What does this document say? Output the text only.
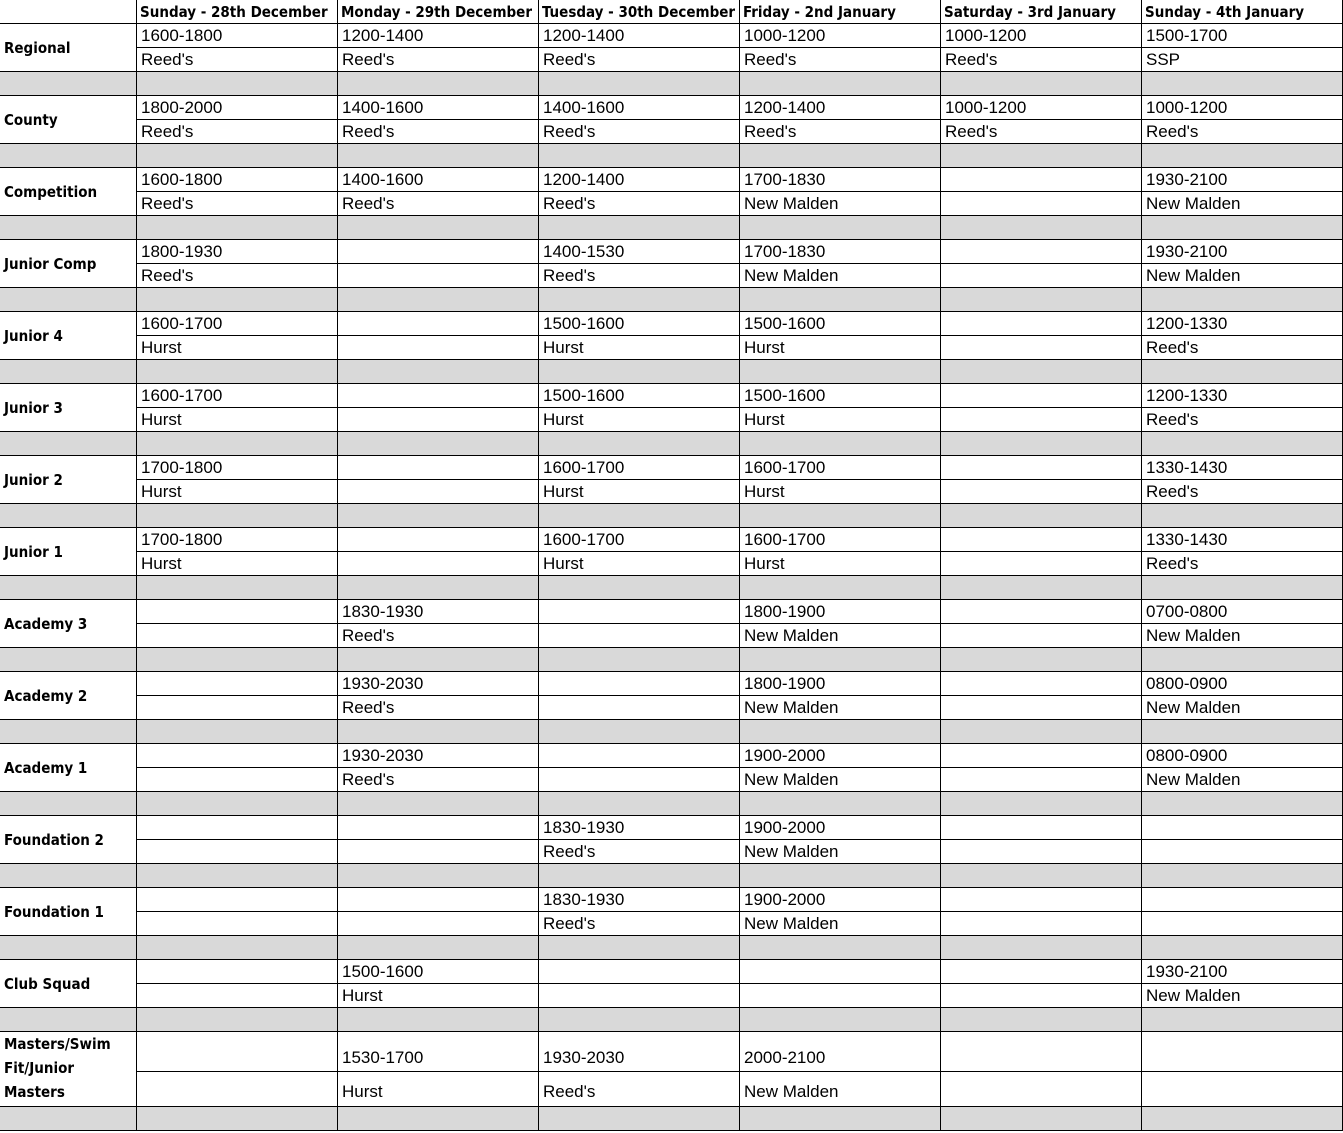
Sunday - 28th December Monday - 29th December Tuesday - 30th December Friday - 2nd January	Saturday - 3rd January	Sunday - 4th January
Regional
1600-1800
Reed's
1200-1400
Reed's
1200-1400
Reed's
1000-1200
Reed's
1000-1200
Reed's
1500-1700
SSP
County
1800-2000
Reed's
1400-1600
Reed's
1400-1600
Reed's
1200-1400
Reed's
1000-1200
Reed's
1000-1200
Reed's
Competition
1600-1800
Reed's
1400-1600
Reed's
1200-1400
Reed's
1700-1830
New Malden
1930-2100
New Malden
Junior Comp
1800-1930
Reed's
1400-1530
Reed's
1700-1830
New Malden
1930-2100
New Malden
Junior 4
1600-1700
Hurst
1500-1600
Hurst
1500-1600
Hurst
1200-1330
Reed's
Junior 3
1600-1700
Hurst
1500-1600
Hurst
1500-1600
Hurst
1200-1330
Reed's
Junior 2
1700-1800
Hurst
1600-1700
Hurst
1600-1700
Hurst
1330-1430
Reed's
Junior 1
1700-1800
Hurst
1600-1700
Hurst
1600-1700
Hurst
1330-1430
Reed's
Academy 3
1830-1930
Reed's
1800-1900
New Malden
0700-0800
New Malden
Academy 2
1930-2030
Reed's
1800-1900
New Malden
0800-0900
New Malden
Academy 1
1930-2030
Reed's
1900-2000
New Malden
0800-0900
New Malden
Foundation 2
1830-1930
Reed's
1900-2000
New Malden
Foundation 1
1830-1930
Reed's
1900-2000
New Malden
Club Squad
1500-1600
Hurst
1930-2100
New Malden
Masters/Swim Fit/Junior Masters
1530-1700
Hurst
1930-2030
Reed's
2000-2100
New Malden
